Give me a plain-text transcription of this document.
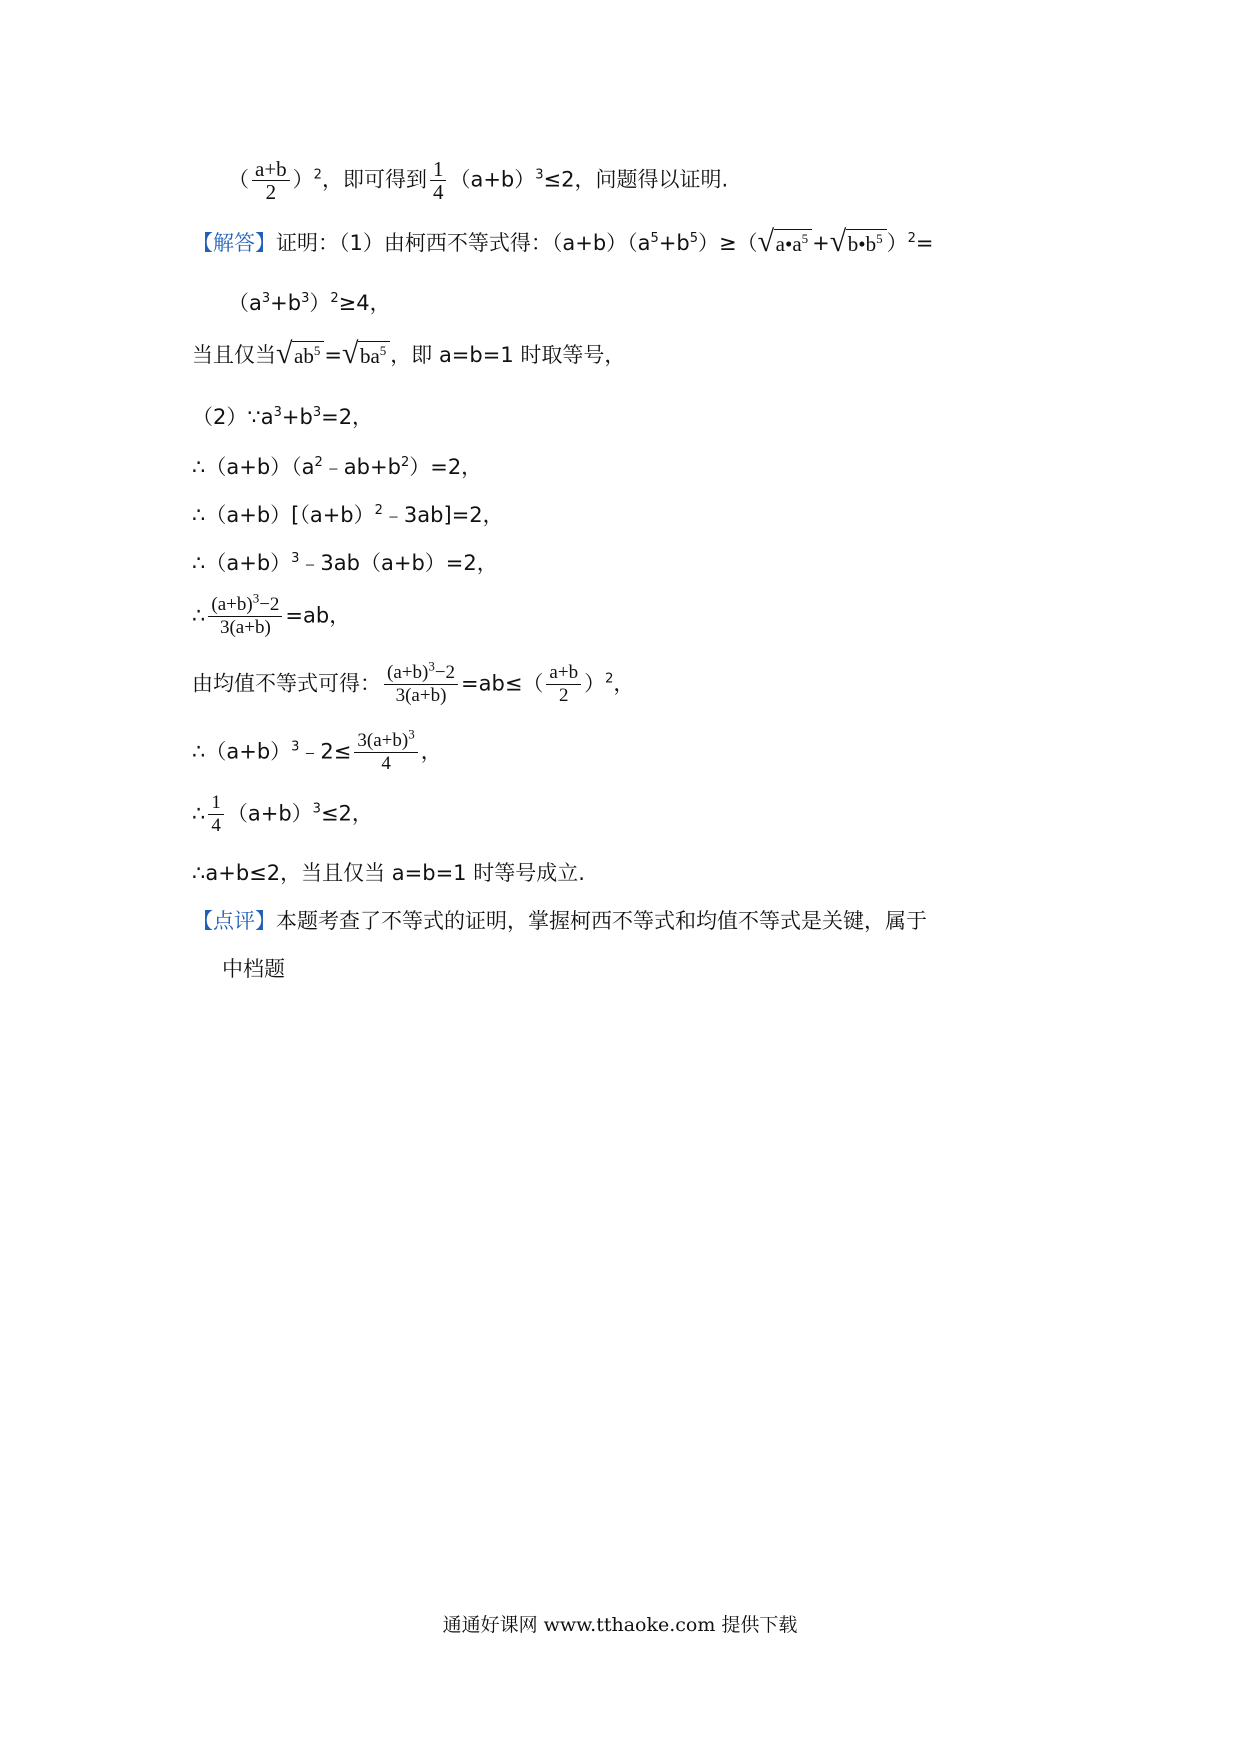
（ $\frac{a+b}{2} )^2$，即可得到 $\frac{1}{4} (a+b)^3\le 2$，问题得以证明.
【解答】证明：（1）由柯西不等式得：$(a+b)(a^5+b^5)\ge$（ √ $a•a^5$ + √ $b•b^5$ ）$^2$=
$(a^3+b^3)^2\ge 4$，
当且仅当 √ $ab^5$ = √ $ba^5$ ，即 a=b=1 时取等号，
$(2)\because a^3+b^3=2$，
$\therefore(a+b)(a^2﹣ab+b^2)=2$，
$\therefore(a+b)[(a+b)^2﹣3ab]=2$，
$\therefore(a+b)^3﹣3ab(a+b)=2$，
∴ $\frac{(a+b)^3-2}{3(a+b)} =ab$，
由均值不等式可得： $\frac{(a+b)^3-2}{3(a+b)} =ab\le( \frac{a+b}{2} )^2$，
$\therefore(a+b)^3﹣2\le \frac{3(a+b)^3}{4}$ ，
∴ $\frac{1}{4} (a+b)^3\le 2$，
∴a+b≤2，当且仅当 a=b=1 时等号成立.
【点评】本题考查了不等式的证明，掌握柯西不等式和均值不等式是关键，属于
中档题
通通好课网 www.tthaoke.com 提供下载
